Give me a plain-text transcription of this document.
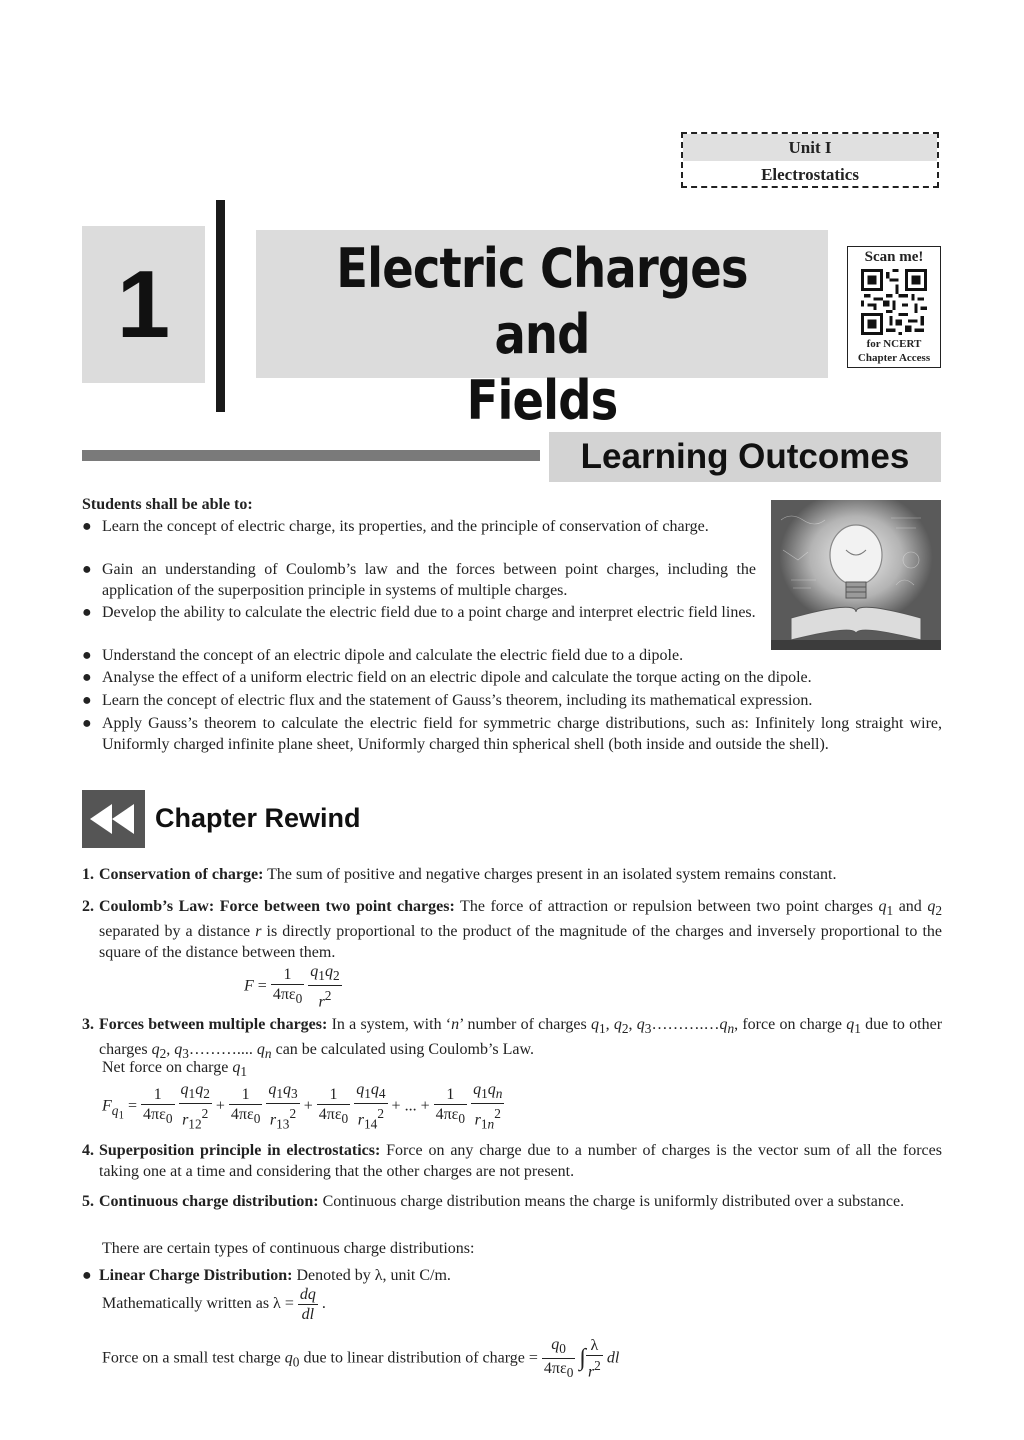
Unit I
Electrostatics
1	Electric Charges and
Fields
Scan me!
for NCERT
Chapter Access
Learning Outcomes
Students shall be able to:
● Learn the concept of electric charge, its properties, and the principle of conservation of charge.
● Gain an understanding of Coulomb’s law and the forces between point charges, including the application of the superposition principle in systems of multiple charges.
● Develop the ability to calculate the electric field due to a point charge and interpret electric field lines.
● Understand the concept of an electric dipole and calculate the electric field due to a dipole.
● Analyse the effect of a uniform electric field on an electric dipole and calculate the torque acting on the dipole.
● Learn the concept of electric flux and the statement of Gauss’s theorem, including its mathematical expression.
● Apply Gauss’s theorem to calculate the electric field for symmetric charge distributions, such as: Infinitely long straight wire, Uniformly charged infinite plane sheet, Uniformly charged thin spherical shell (both inside and outside the shell).
Chapter Rewind
1. Conservation of charge: The sum of positive and negative charges present in an isolated system remains constant.
2. Coulomb’s Law: Force between two point charges: The force of attraction or repulsion between two point charges $q_1$ and $q_2$ separated by a distance r is directly proportional to the product of the magnitude of the charges and inversely proportional to the square of the distance between them.
$F = \frac{1}{4\pi\varepsilon_0}$
$\frac{q_1q_2}{r^2}$
3. Forces between multiple charges: In a system, with ‘n’ number of charges $q_1$, $q_2$, $q_3\dots\dots\dots.\dots q_n$, force on charge $q_1$ due to other charges $q_2$, $q_3\dots\dots\dots$.... $q_n$ can be calculated using Coulomb’s Law.
Net force on charge $q_1$
$F_{q_1} = \frac{1}{4\pi\varepsilon_0}$
$\frac{q_1q_2}{r_{12}^2} + \frac{1}{4\pi\varepsilon_0}$
$\frac{q_1q_3}{r_{13}^2} + \frac{1}{4\pi\varepsilon_0}$
$\frac{q_1q_4}{r_{14}^2}$ + ... + $\frac{1}{4\pi\varepsilon_0}$
$\frac{q_1q_n}{r_{1n}^2}$
4. Superposition principle in electrostatics: Force on any charge due to a number of charges is the vector sum of all the forces taking one at a time and considering that the other charges are not present.
5. Continuous charge distribution: Continuous charge distribution means the charge is uniformly distributed over a substance.
There are certain types of continuous charge distributions:
● Linear Charge Distribution: Denoted by λ, unit C/m.
Mathematically written as $\lambda = \frac{dq}{dl}$ .
Force on a small test charge $q_0$ due to linear distribution of charge = $\frac{q_0}{4\pi\varepsilon_0}$ ∫ $\frac{\lambda}{r^2}$ dl
